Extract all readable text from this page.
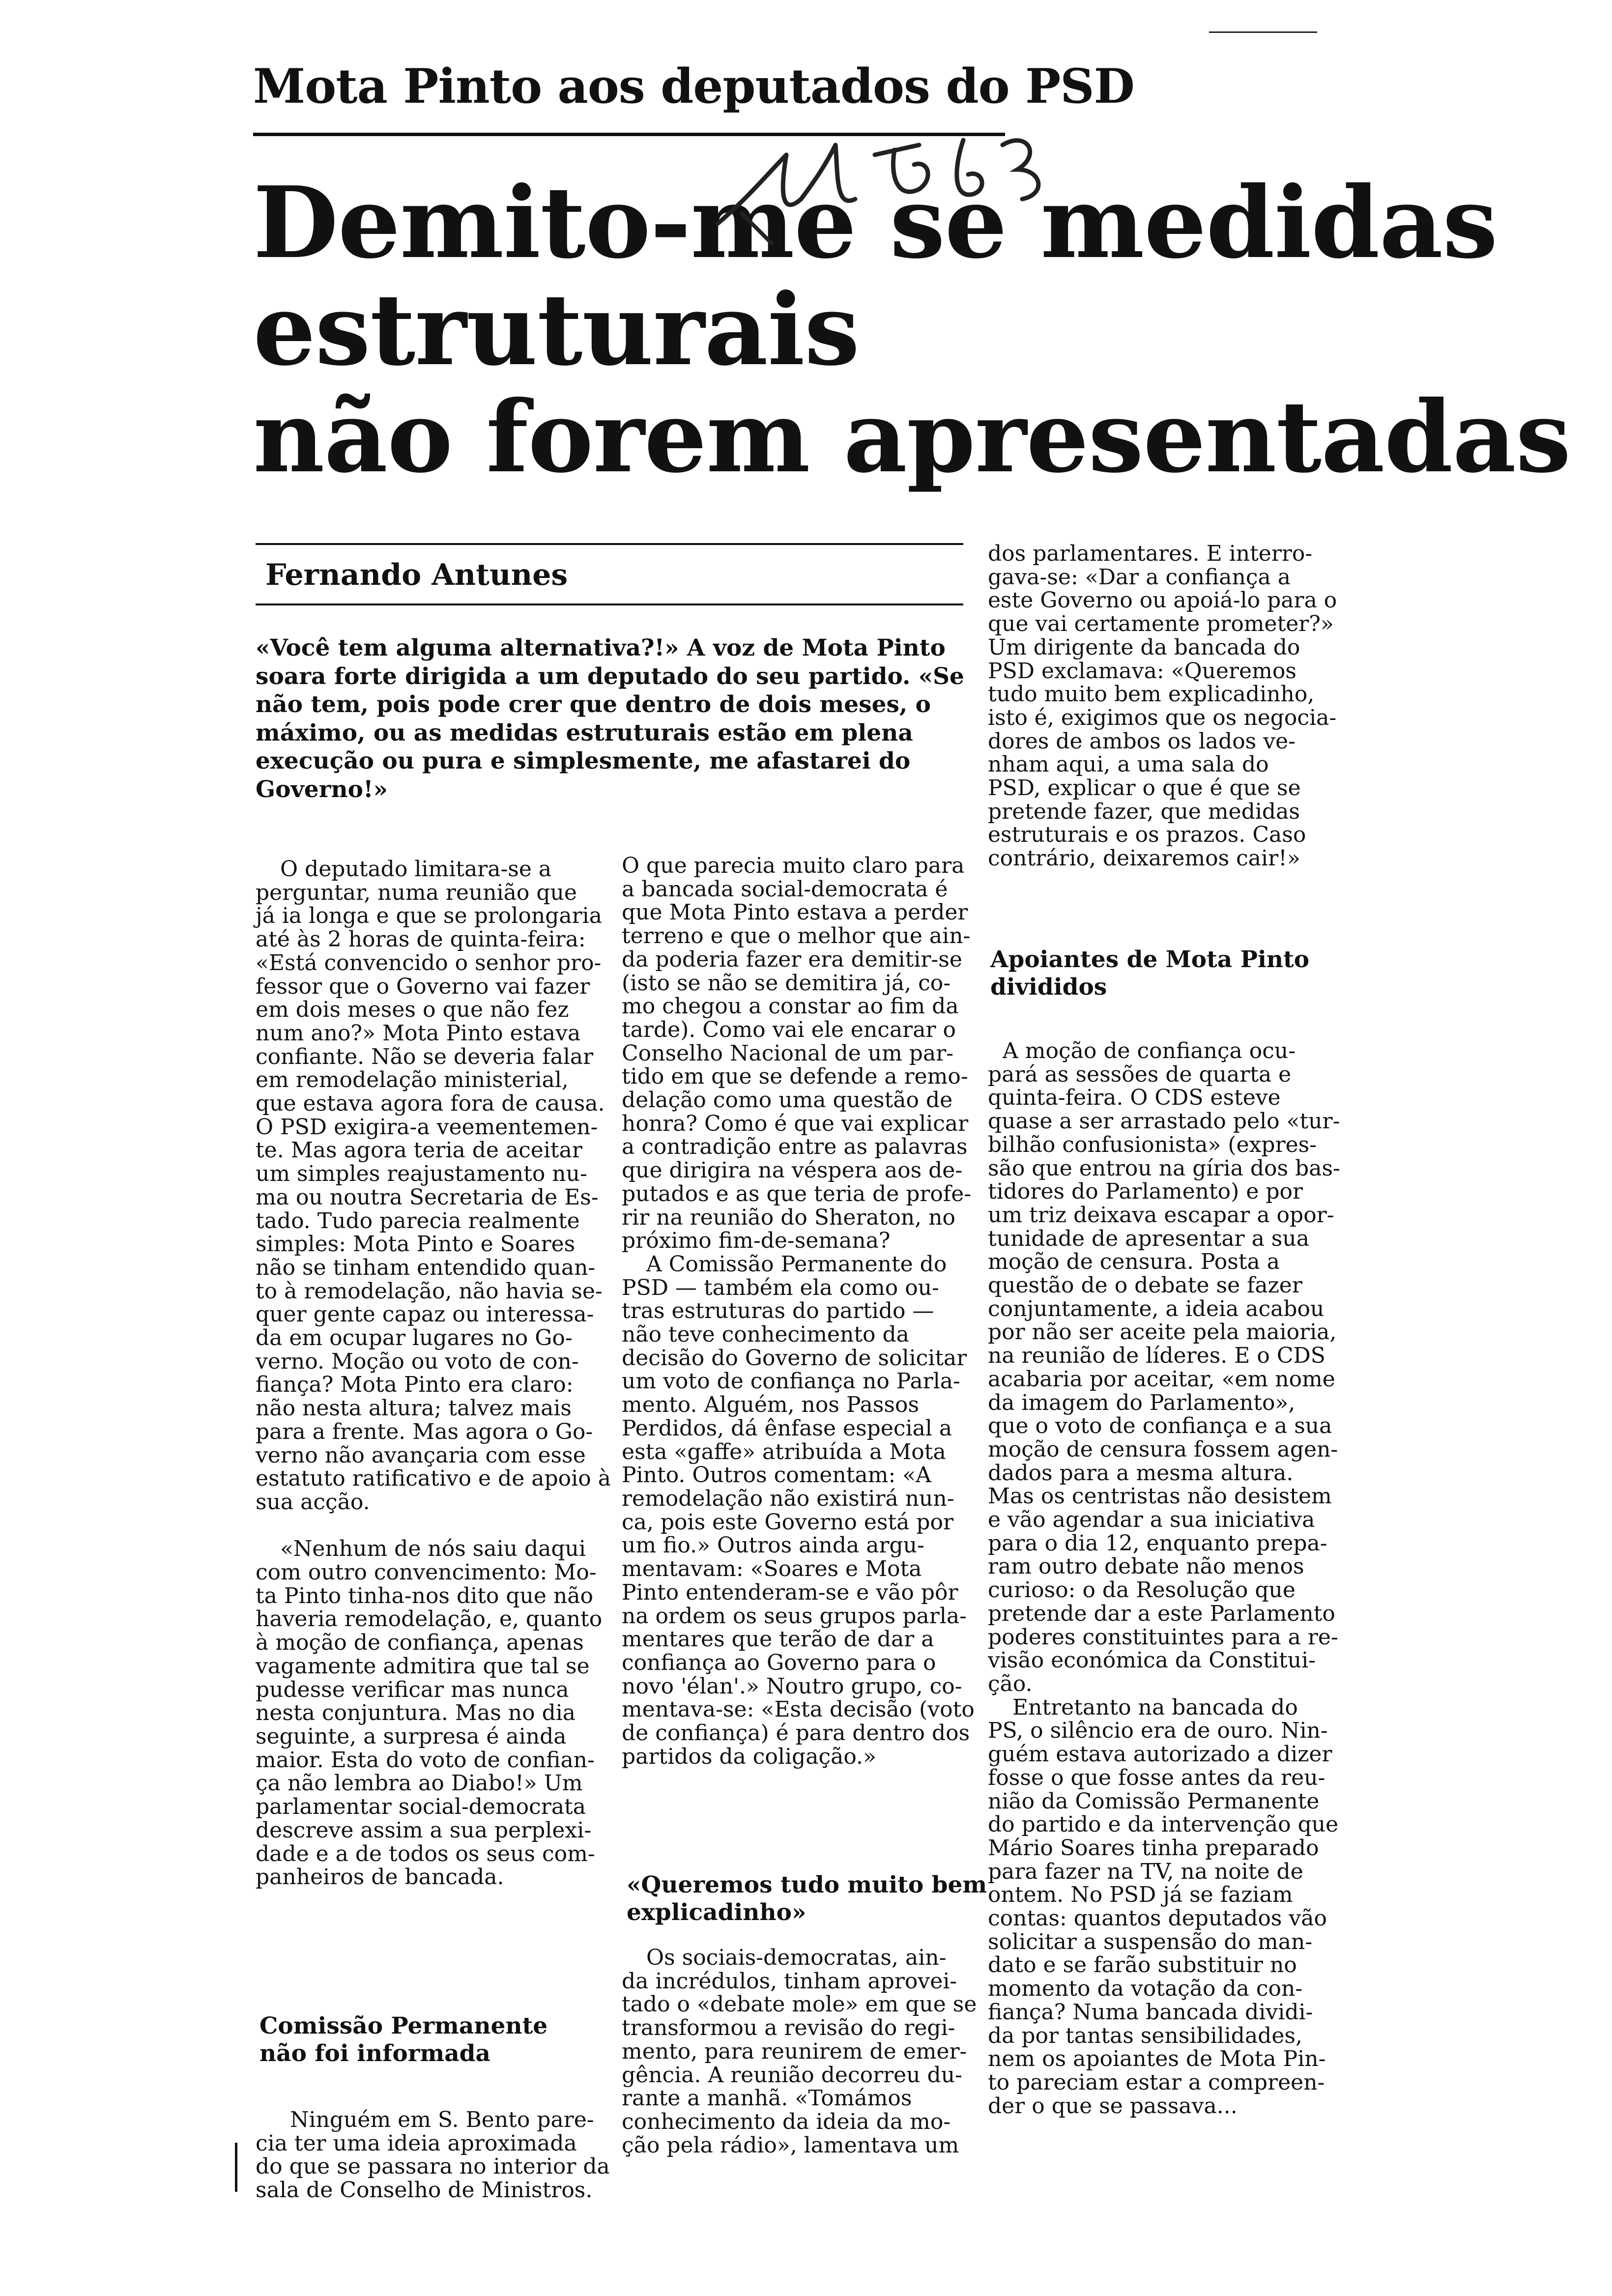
Mota Pinto aos deputados do PSD
Demito-me se medidas
estruturais
não forem apresentadas
Fernando Antunes
«Você tem alguma alternativa?!» A voz de Mota Pinto
soara forte dirigida a um deputado do seu partido. «Se
não tem, pois pode crer que dentro de dois meses, o
máximo, ou as medidas estruturais estão em plena
execução ou pura e simplesmente, me afastarei do
Governo!»
O deputado limitara-se a
perguntar, numa reunião que
já ia longa e que se prolongaria
até às 2 horas de quinta-feira:
«Está convencido o senhor pro-
fessor que o Governo vai fazer
em dois meses o que não fez
num ano?» Mota Pinto estava
confiante. Não se deveria falar
em remodelação ministerial,
que estava agora fora de causa.
O PSD exigira-a veementemen-
te. Mas agora teria de aceitar
um simples reajustamento nu-
ma ou noutra Secretaria de Es-
tado. Tudo parecia realmente
simples: Mota Pinto e Soares
não se tinham entendido quan-
to à remodelação, não havia se-
quer gente capaz ou interessa-
da em ocupar lugares no Go-
verno. Moção ou voto de con-
fiança? Mota Pinto era claro:
não nesta altura; talvez mais
para a frente. Mas agora o Go-
verno não avançaria com esse
estatuto ratificativo e de apoio à
sua acção.
«Nenhum de nós saiu daqui
com outro convencimento: Mo-
ta Pinto tinha-nos dito que não
haveria remodelação, e, quanto
à moção de confiança, apenas
vagamente admitira que tal se
pudesse verificar mas nunca
nesta conjuntura. Mas no dia
seguinte, a surpresa é ainda
maior. Esta do voto de confian-
ça não lembra ao Diabo!» Um
parlamentar social-democrata
descreve assim a sua perplexi-
dade e a de todos os seus com-
panheiros de bancada.
Comissão Permanente
não foi informada
Ninguém em S. Bento pare-
cia ter uma ideia aproximada
do que se passara no interior da
sala de Conselho de Ministros.
O que parecia muito claro para
a bancada social-democrata é
que Mota Pinto estava a perder
terreno e que o melhor que ain-
da poderia fazer era demitir-se
(isto se não se demitira já, co-
mo chegou a constar ao fim da
tarde). Como vai ele encarar o
Conselho Nacional de um par-
tido em que se defende a remo-
delação como uma questão de
honra? Como é que vai explicar
a contradição entre as palavras
que dirigira na véspera aos de-
putados e as que teria de profe-
rir na reunião do Sheraton, no
próximo fim-de-semana?
A Comissão Permanente do
PSD — também ela como ou-
tras estruturas do partido —
não teve conhecimento da
decisão do Governo de solicitar
um voto de confiança no Parla-
mento. Alguém, nos Passos
Perdidos, dá ênfase especial a
esta «gaffe» atribuída a Mota
Pinto. Outros comentam: «A
remodelação não existirá nun-
ca, pois este Governo está por
um fio.» Outros ainda argu-
mentavam: «Soares e Mota
Pinto entenderam-se e vão pôr
na ordem os seus grupos parla-
mentares que terão de dar a
confiança ao Governo para o
novo 'élan'.» Noutro grupo, co-
mentava-se: «Esta decisão (voto
de confiança) é para dentro dos
partidos da coligação.»
«Queremos tudo muito bem
explicadinho»
Os sociais-democratas, ain-
da incrédulos, tinham aprovei-
tado o «debate mole» em que se
transformou a revisão do regi-
mento, para reunirem de emer-
gência. A reunião decorreu du-
rante a manhã. «Tomámos
conhecimento da ideia da mo-
ção pela rádio», lamentava um
dos parlamentares. E interro-
gava-se: «Dar a confiança a
este Governo ou apoiá-lo para o
que vai certamente prometer?»
Um dirigente da bancada do
PSD exclamava: «Queremos
tudo muito bem explicadinho,
isto é, exigimos que os negocia-
dores de ambos os lados ve-
nham aqui, a uma sala do
PSD, explicar o que é que se
pretende fazer, que medidas
estruturais e os prazos. Caso
contrário, deixaremos cair!»
Apoiantes de Mota Pinto
divididos
A moção de confiança ocu-
pará as sessões de quarta e
quinta-feira. O CDS esteve
quase a ser arrastado pelo «tur-
bilhão confusionista» (expres-
são que entrou na gíria dos bas-
tidores do Parlamento) e por
um triz deixava escapar a opor-
tunidade de apresentar a sua
moção de censura. Posta a
questão de o debate se fazer
conjuntamente, a ideia acabou
por não ser aceite pela maioria,
na reunião de líderes. E o CDS
acabaria por aceitar, «em nome
da imagem do Parlamento»,
que o voto de confiança e a sua
moção de censura fossem agen-
dados para a mesma altura.
Mas os centristas não desistem
e vão agendar a sua iniciativa
para o dia 12, enquanto prepa-
ram outro debate não menos
curioso: o da Resolução que
pretende dar a este Parlamento
poderes constituintes para a re-
visão económica da Constitui-
ção.
Entretanto na bancada do
PS, o silêncio era de ouro. Nin-
guém estava autorizado a dizer
fosse o que fosse antes da reu-
nião da Comissão Permanente
do partido e da intervenção que
Mário Soares tinha preparado
para fazer na TV, na noite de
ontem. No PSD já se faziam
contas: quantos deputados vão
solicitar a suspensão do man-
dato e se farão substituir no
momento da votação da con-
fiança? Numa bancada dividi-
da por tantas sensibilidades,
nem os apoiantes de Mota Pin-
to pareciam estar a compreen-
der o que se passava...
